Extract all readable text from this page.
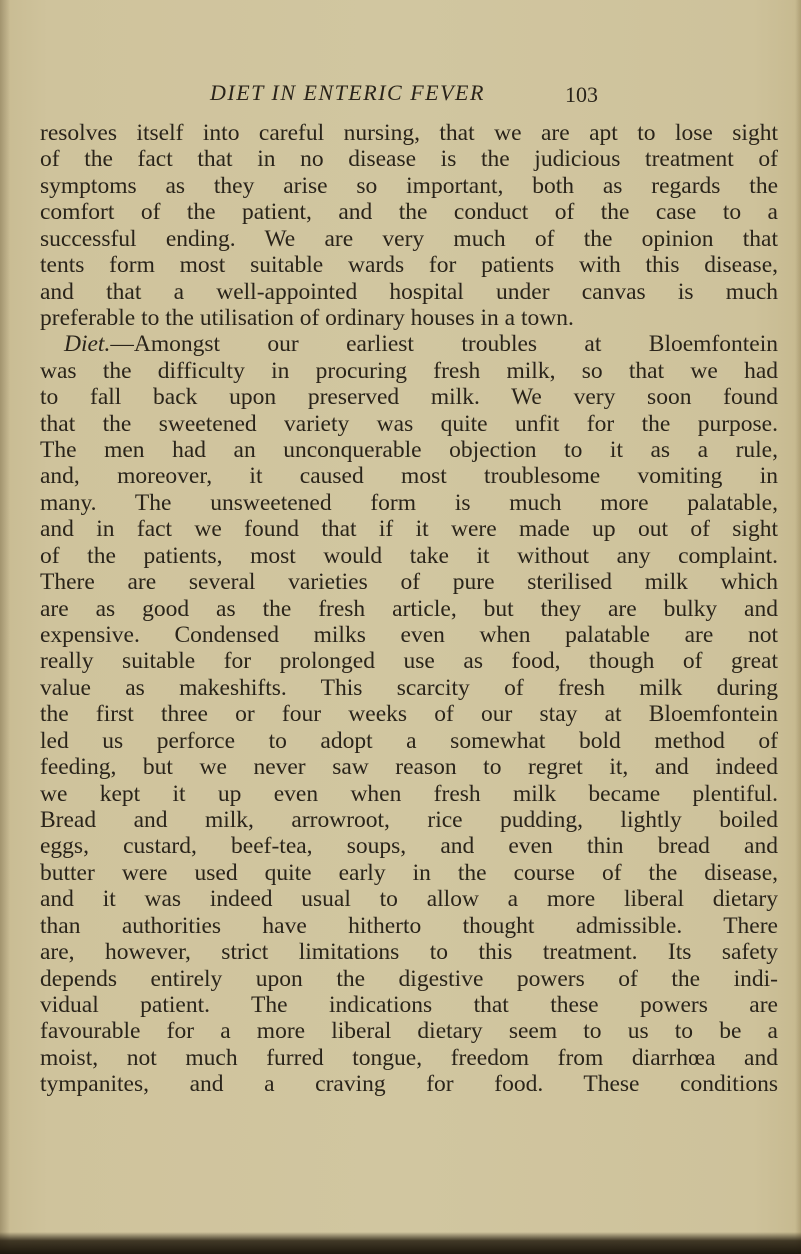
DIET IN ENTERIC FEVER	103
resolves itself into careful nursing, that we are apt to lose sight
of the fact that in no disease is the judicious treatment of
symptoms as they arise so important, both as regards the
comfort of the patient, and the conduct of the case to a
successful ending. We are very much of the opinion that
tents form most suitable wards for patients with this disease,
and that a well-appointed hospital under canvas is much
preferable to the utilisation of ordinary houses in a town.
Diet.—Amongst our earliest troubles at Bloemfontein
was the difficulty in procuring fresh milk, so that we had
to fall back upon preserved milk. We very soon found
that the sweetened variety was quite unfit for the purpose.
The men had an unconquerable objection to it as a rule,
and, moreover, it caused most troublesome vomiting in
many. The unsweetened form is much more palatable,
and in fact we found that if it were made up out of sight
of the patients, most would take it without any complaint.
There are several varieties of pure sterilised milk which
are as good as the fresh article, but they are bulky and
expensive. Condensed milks even when palatable are not
really suitable for prolonged use as food, though of great
value as makeshifts. This scarcity of fresh milk during
the first three or four weeks of our stay at Bloemfontein
led us perforce to adopt a somewhat bold method of
feeding, but we never saw reason to regret it, and indeed
we kept it up even when fresh milk became plentiful.
Bread and milk, arrowroot, rice pudding, lightly boiled
eggs, custard, beef-tea, soups, and even thin bread and
butter were used quite early in the course of the disease,
and it was indeed usual to allow a more liberal dietary
than authorities have hitherto thought admissible. There
are, however, strict limitations to this treatment. Its safety
depends entirely upon the digestive powers of the indi-
vidual patient. The indications that these powers are
favourable for a more liberal dietary seem to us to be a
moist, not much furred tongue, freedom from diarrhœa and
tympanites, and a craving for food. These conditions
